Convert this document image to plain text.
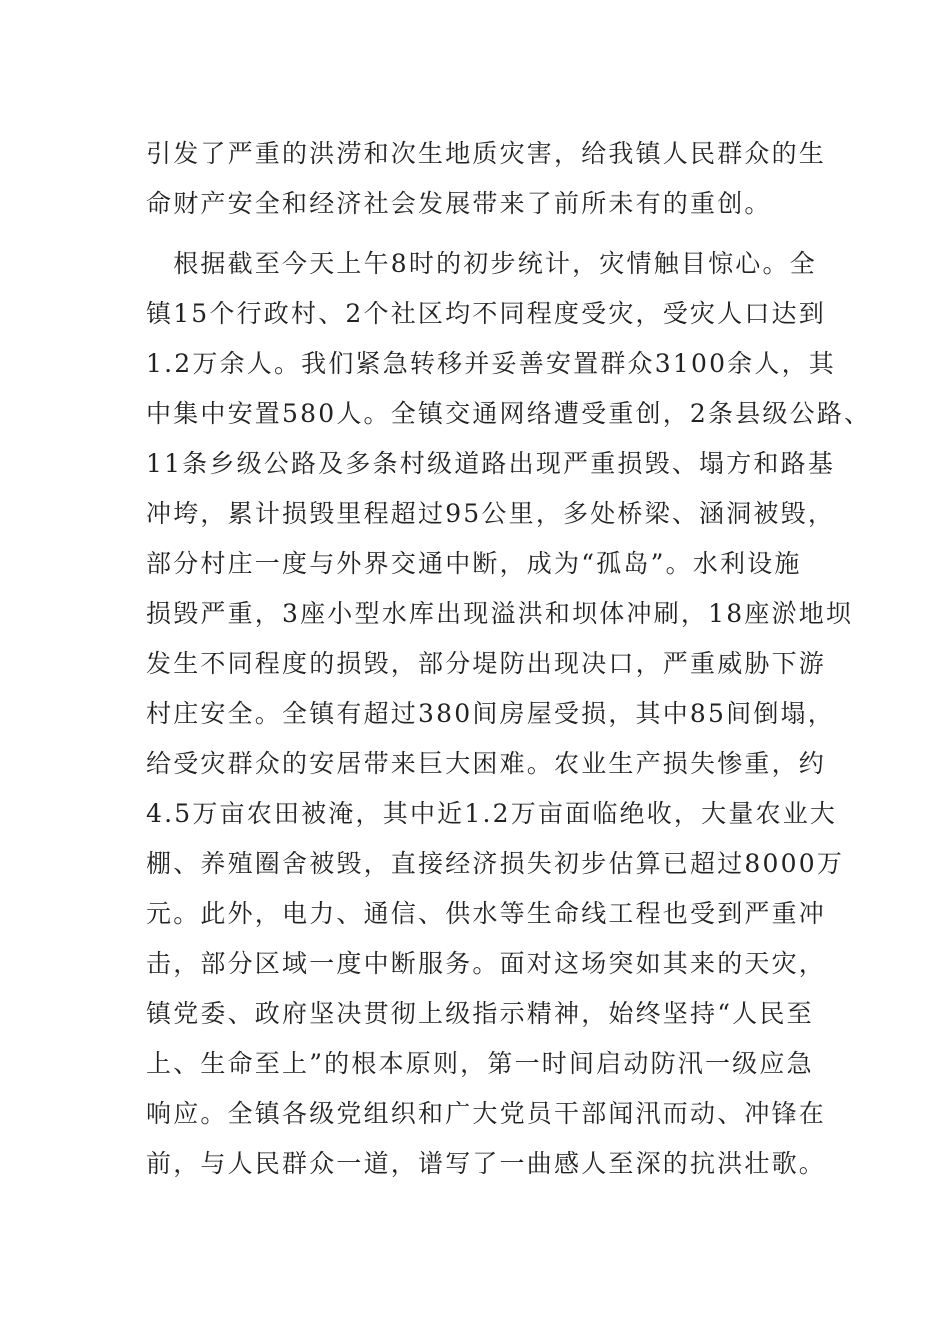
引发了严重的洪涝和次生地质灾害，给我镇人民群众的生
命财产安全和经济社会发展带来了前所未有的重创。
　根据截至今天上午8时的初步统计，灾情触目惊心。全
镇15个行政村、2个社区均不同程度受灾，受灾人口达到
1.2万余人。我们紧急转移并妥善安置群众3100余人，其
中集中安置580人。全镇交通网络遭受重创，2条县级公路、
11条乡级公路及多条村级道路出现严重损毁、塌方和路基
冲垮，累计损毁里程超过95公里，多处桥梁、涵洞被毁，
部分村庄一度与外界交通中断，成为“孤岛”。水利设施
损毁严重，3座小型水库出现溢洪和坝体冲刷，18座淤地坝
发生不同程度的损毁，部分堤防出现决口，严重威胁下游
村庄安全。全镇有超过380间房屋受损，其中85间倒塌，
给受灾群众的安居带来巨大困难。农业生产损失惨重，约
4.5万亩农田被淹，其中近1.2万亩面临绝收，大量农业大
棚、养殖圈舍被毁，直接经济损失初步估算已超过8000万
元。此外，电力、通信、供水等生命线工程也受到严重冲
击，部分区域一度中断服务。面对这场突如其来的天灾，
镇党委、政府坚决贯彻上级指示精神，始终坚持“人民至
上、生命至上”的根本原则，第一时间启动防汛一级应急
响应。全镇各级党组织和广大党员干部闻汛而动、冲锋在
前，与人民群众一道，谱写了一曲感人至深的抗洪壮歌。
